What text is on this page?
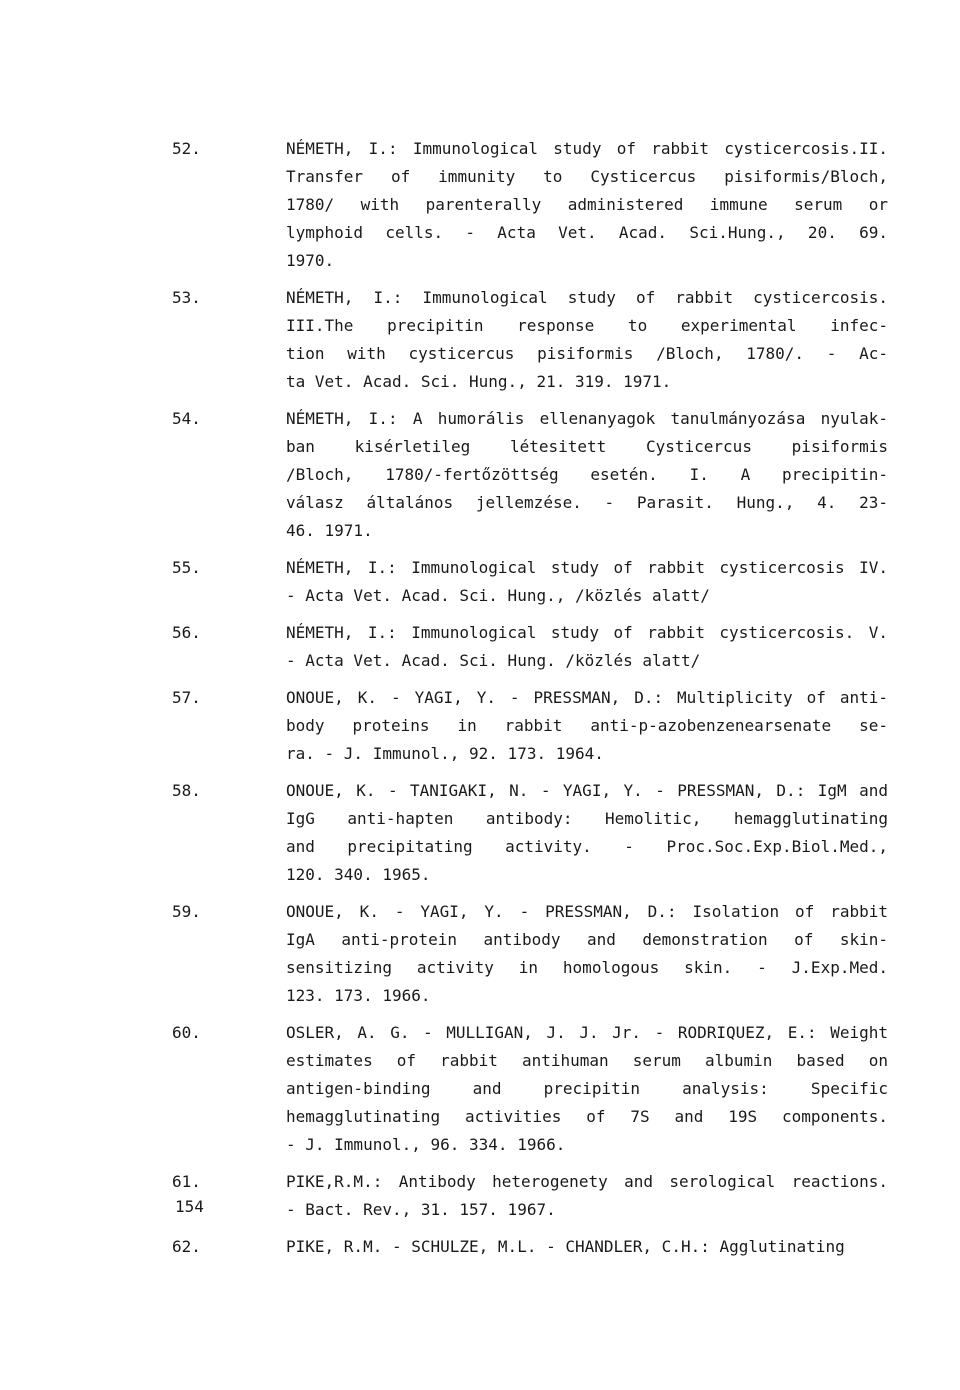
52.	NÉMETH, I.: Immunological study of rabbit cysticercosis.II.
Transfer of immunity to Cysticercus pisiformis/Bloch,
1780/ with parenterally administered immune serum or
lymphoid cells. - Acta Vet. Acad. Sci.Hung., 20. 69.
1970.
53.	NÉMETH, I.: Immunological study of rabbit cysticercosis.
III.The precipitin response to experimental infec-
tion with cysticercus pisiformis /Bloch, 1780/. - Ac-
ta Vet. Acad. Sci. Hung., 21. 319. 1971.
54.	NÉMETH, I.: A humorális ellenanyagok tanulmányozása nyulak-
ban kisérletileg létesitett Cysticercus pisiformis
/Bloch, 1780/-fertőzöttség esetén. I. A precipitin-
válasz általános jellemzése. - Parasit. Hung., 4. 23-
46. 1971.
55.	NÉMETH, I.: Immunological study of rabbit cysticercosis IV.
- Acta Vet. Acad. Sci. Hung., /közlés alatt/
56.	NÉMETH, I.: Immunological study of rabbit cysticercosis. V.
- Acta Vet. Acad. Sci. Hung. /közlés alatt/
57.	ONOUE, K. - YAGI, Y. - PRESSMAN, D.: Multiplicity of anti-
body proteins in rabbit anti-p-azobenzenearsenate se-
ra. - J. Immunol., 92. 173. 1964.
58.	ONOUE, K. - TANIGAKI, N. - YAGI, Y. - PRESSMAN, D.: IgM and
IgG anti-hapten antibody: Hemolitic, hemagglutinating
and precipitating activity. - Proc.Soc.Exp.Biol.Med.,
120. 340. 1965.
59.	ONOUE, K. - YAGI, Y. - PRESSMAN, D.: Isolation of rabbit
IgA anti-protein antibody and demonstration of skin-
sensitizing activity in homologous skin. - J.Exp.Med.
123. 173. 1966.
60.	OSLER, A. G. - MULLIGAN, J. J. Jr. - RODRIQUEZ, E.: Weight
estimates of rabbit antihuman serum albumin based on
antigen-binding and precipitin analysis: Specific
hemagglutinating activities of 7S and 19S components.
- J. Immunol., 96. 334. 1966.
61.	PIKE,R.M.: Antibody heterogenety and serological reactions.
- Bact. Rev., 31. 157. 1967.
62.	PIKE, R.M. - SCHULZE, M.L. - CHANDLER, C.H.: Agglutinating
154
